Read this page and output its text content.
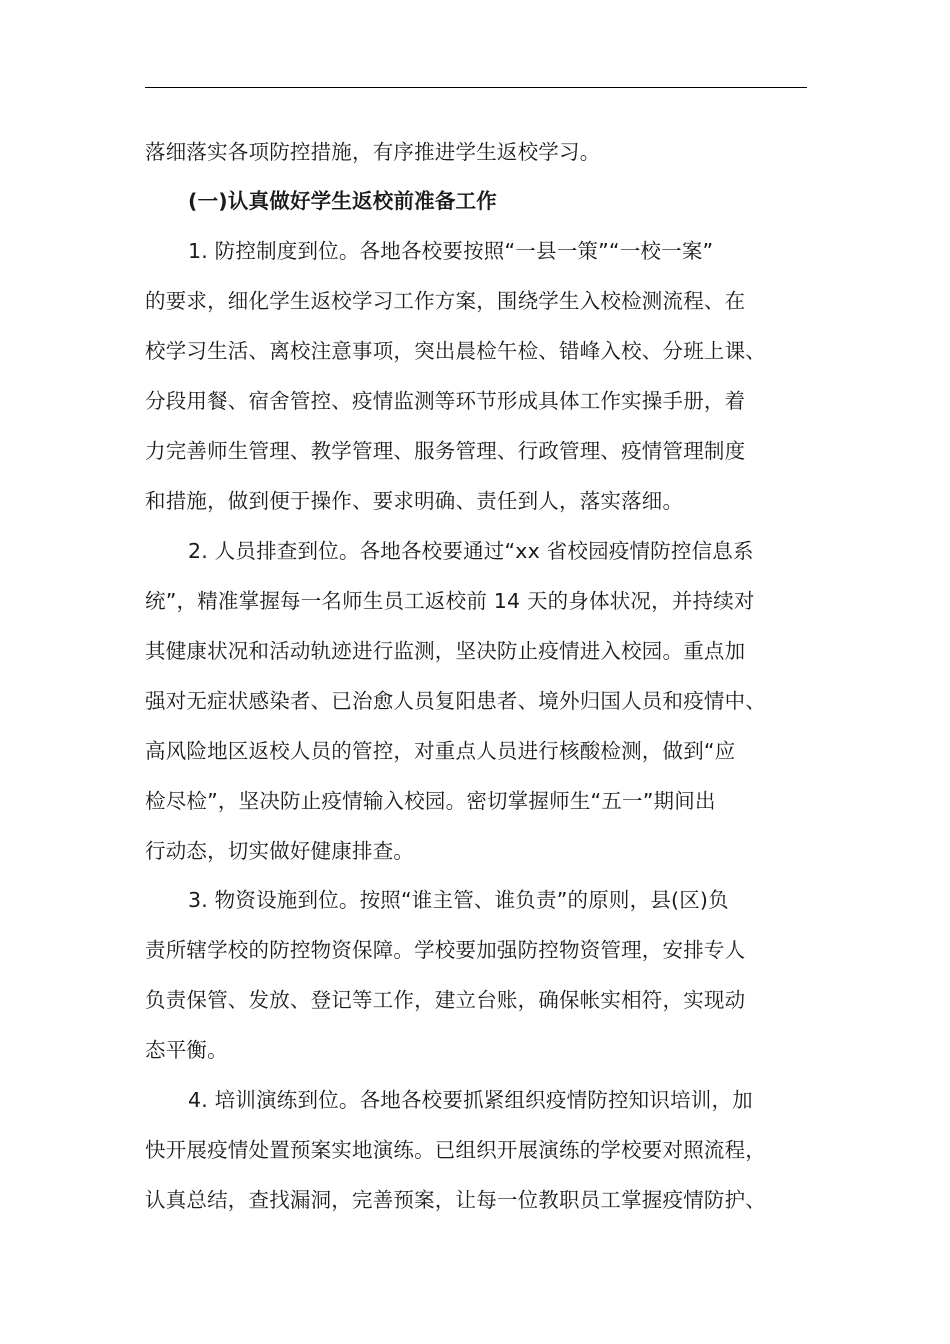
落细落实各项防控措施，有序推进学生返校学习。
(一)认真做好学生返校前准备工作
1. 防控制度到位。各地各校要按照“一县一策”“一校一案”
的要求，细化学生返校学习工作方案，围绕学生入校检测流程、在
校学习生活、离校注意事项，突出晨检午检、错峰入校、分班上课、
分段用餐、宿舍管控、疫情监测等环节形成具体工作实操手册，着
力完善师生管理、教学管理、服务管理、行政管理、疫情管理制度
和措施，做到便于操作、要求明确、责任到人，落实落细。
2. 人员排查到位。各地各校要通过“xx 省校园疫情防控信息系
统”，精准掌握每一名师生员工返校前 14 天的身体状况，并持续对
其健康状况和活动轨迹进行监测，坚决防止疫情进入校园。重点加
强对无症状感染者、已治愈人员复阳患者、境外归国人员和疫情中、
高风险地区返校人员的管控，对重点人员进行核酸检测，做到“应
检尽检”，坚决防止疫情输入校园。密切掌握师生“五一”期间出
行动态，切实做好健康排查。
3. 物资设施到位。按照“谁主管、谁负责”的原则，县(区)负
责所辖学校的防控物资保障。学校要加强防控物资管理，安排专人
负责保管、发放、登记等工作，建立台账，确保帐实相符，实现动
态平衡。
4. 培训演练到位。各地各校要抓紧组织疫情防控知识培训，加
快开展疫情处置预案实地演练。已组织开展演练的学校要对照流程，
认真总结，查找漏洞，完善预案，让每一位教职员工掌握疫情防护、
